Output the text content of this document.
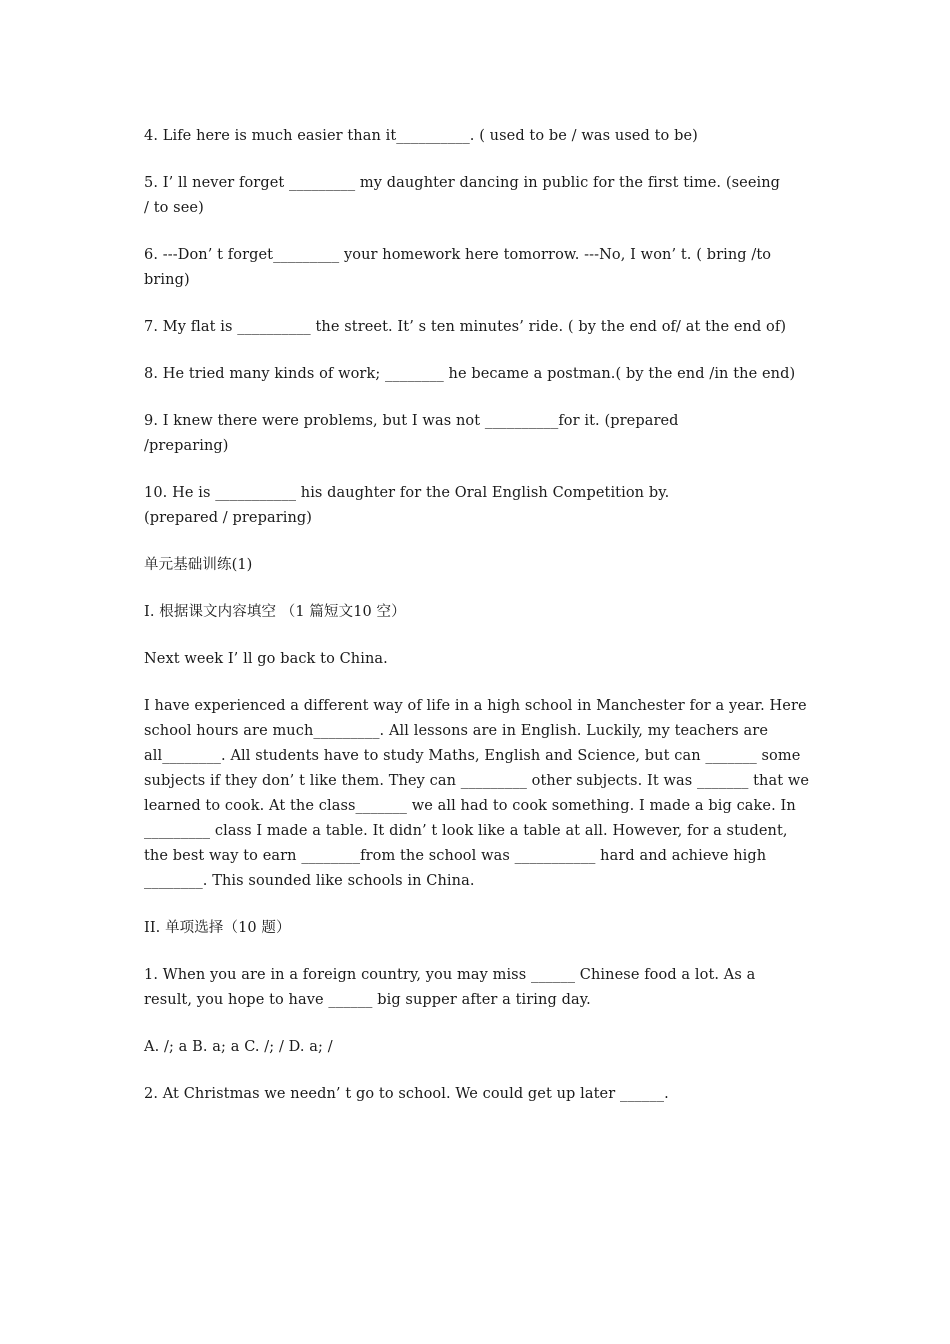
4. Life here is much easier than it__________. ( used to be / was used to be)

5. I’ ll never forget _________ my daughter dancing in public for the first time. (seeing / to see)

6. ---Don’ t forget_________ your homework here tomorrow. ---No, I won’ t. ( bring /to bring)

7. My flat is __________ the street. It’ s ten minutes’ ride. ( by the end of/ at the end of)

8. He tried many kinds of work; ________ he became a postman.( by the end /in the end)

9. I knew there were problems, but I was not __________for it. (prepared /preparing)

10. He is ___________ his daughter for the Oral English Competition by. (prepared / preparing)

单元基础训练(1)

I. 根据课文内容填空 （1 篇短文10 空）

Next week I’ ll go back to China.

I have experienced a different way of life in a high school in Manchester for a year. Here school hours are much_________. All lessons are in English. Luckily, my teachers are all________. All students have to study Maths, English and Science, but can _______ some subjects if they don’ t like them. They can _________ other subjects. It was _______ that we learned to cook. At the class_______ we all had to cook something. I made a big cake. In _________ class I made a table. It didn’ t look like a table at all. However, for a student, the best way to earn ________from the school was ___________ hard and achieve high ________. This sounded like schools in China.

II. 单项选择（10 题）

1. When you are in a foreign country, you may miss ______ Chinese food a lot. As a result, you hope to have ______ big supper after a tiring day.

A. /; a B. a; a C. /; / D. a; /

2. At Christmas we needn’ t go to school. We could get up later ______.
